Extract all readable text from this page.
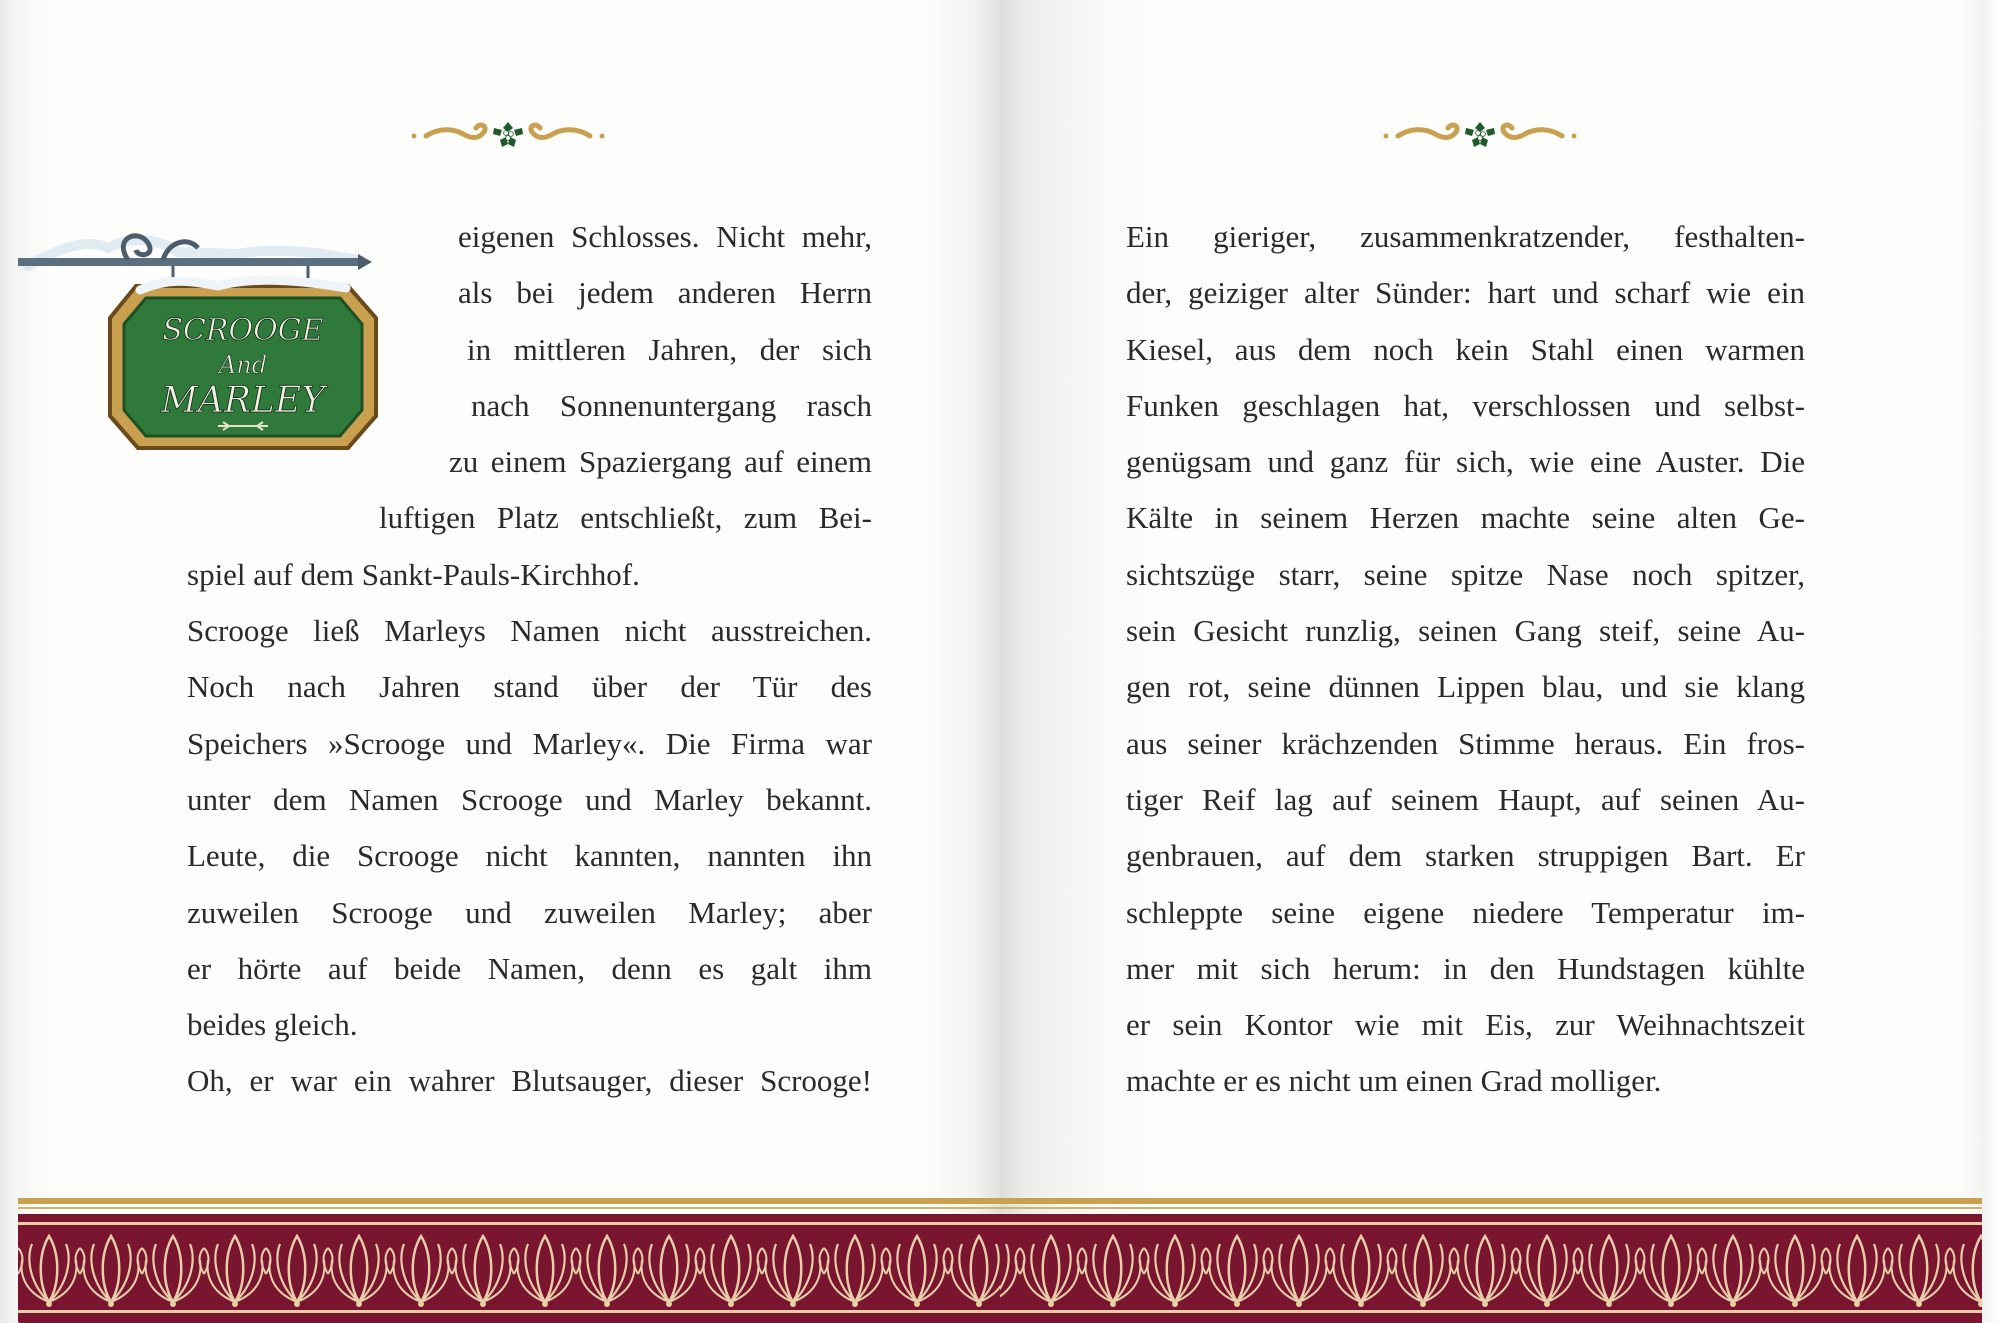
SCROOGE
And
MARLEY
eigenen Schlosses. Nicht mehr,
als bei jedem anderen Herrn
in mittleren Jahren, der sich
nach Sonnenuntergang rasch
zu einem Spaziergang auf einem
luftigen Platz entschließt, zum Bei-
spiel auf dem Sankt-Pauls-Kirchhof.
Scrooge ließ Marleys Namen nicht ausstreichen.
Noch nach Jahren stand über der Tür des
Speichers »Scrooge und Marley«. Die Firma war
unter dem Namen Scrooge und Marley bekannt.
Leute, die Scrooge nicht kannten, nannten ihn
zuweilen Scrooge und zuweilen Marley; aber
er hörte auf beide Namen, denn es galt ihm
beides gleich.
Oh, er war ein wahrer Blutsauger, dieser Scrooge!
Ein gieriger, zusammenkratzender, festhalten-
der, geiziger alter Sünder: hart und scharf wie ein
Kiesel, aus dem noch kein Stahl einen warmen
Funken geschlagen hat, verschlossen und selbst-
genügsam und ganz für sich, wie eine Auster. Die
Kälte in seinem Herzen machte seine alten Ge-
sichtszüge starr, seine spitze Nase noch spitzer,
sein Gesicht runzlig, seinen Gang steif, seine Au-
gen rot, seine dünnen Lippen blau, und sie klang
aus seiner krächzenden Stimme heraus. Ein fros-
tiger Reif lag auf seinem Haupt, auf seinen Au-
genbrauen, auf dem starken struppigen Bart. Er
schleppte seine eigene niedere Temperatur im-
mer mit sich herum: in den Hundstagen kühlte
er sein Kontor wie mit Eis, zur Weihnachtszeit
machte er es nicht um einen Grad molliger.
